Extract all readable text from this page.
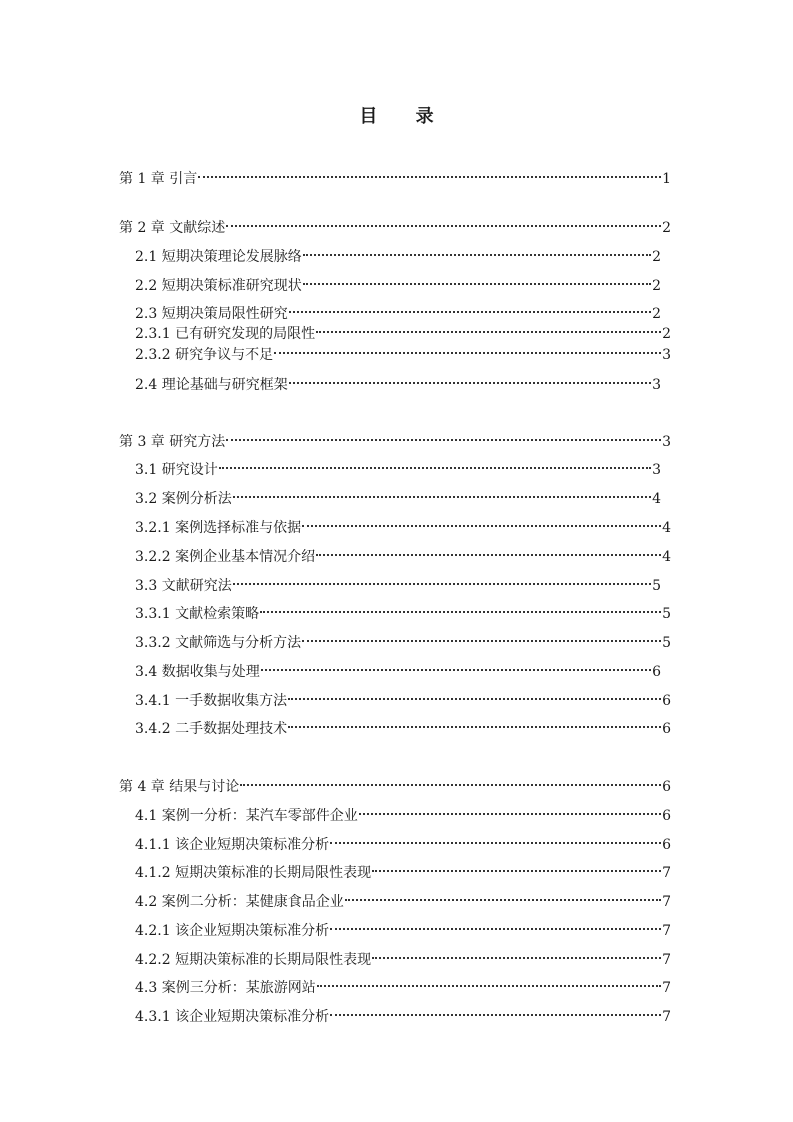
目 录
第 1 章 引言	1
第 2 章 文献综述	2
2.1 短期决策理论发展脉络	2
2.2 短期决策标准研究现状	2
2.3 短期决策局限性研究	2
2.3.1 已有研究发现的局限性	2
2.3.2 研究争议与不足	3
2.4 理论基础与研究框架	3
第 3 章 研究方法	3
3.1 研究设计	3
3.2 案例分析法	4
3.2.1 案例选择标准与依据	4
3.2.2 案例企业基本情况介绍	4
3.3 文献研究法	5
3.3.1 文献检索策略	5
3.3.2 文献筛选与分析方法	5
3.4 数据收集与处理	6
3.4.1 一手数据收集方法	6
3.4.2 二手数据处理技术	6
第 4 章 结果与讨论	6
4.1 案例一分析：某汽车零部件企业	6
4.1.1 该企业短期决策标准分析	6
4.1.2 短期决策标准的长期局限性表现	7
4.2 案例二分析：某健康食品企业	7
4.2.1 该企业短期决策标准分析	7
4.2.2 短期决策标准的长期局限性表现	7
4.3 案例三分析：某旅游网站	7
4.3.1 该企业短期决策标准分析	7
